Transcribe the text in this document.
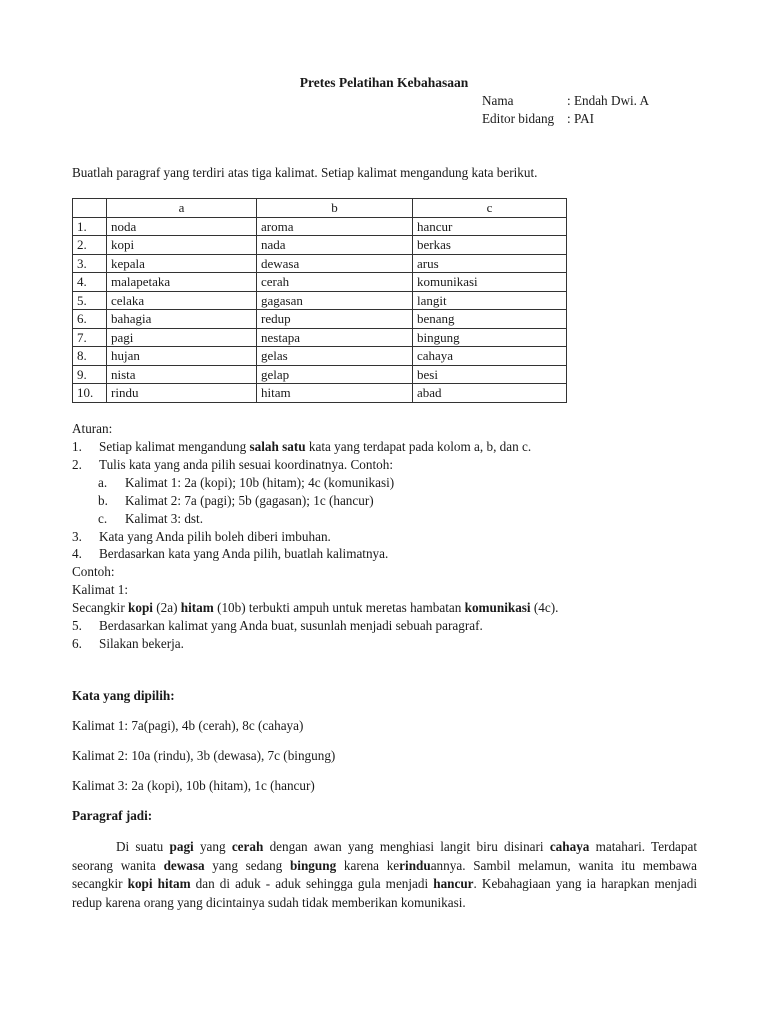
Pretes Pelatihan Kebahasaan
Nama	: Endah Dwi. A
Editor bidang : PAI
Buatlah paragraf yang terdiri atas tiga kalimat. Setiap kalimat mengandung kata berikut.
	a	b	c
1.	noda	aroma	hancur
2.	kopi	nada	berkas
3.	kepala	dewasa	arus
4.	malapetaka	cerah	komunikasi
5.	celaka	gagasan	langit
6.	bahagia	redup	benang
7.	pagi	nestapa	bingung
8.	hujan	gelas	cahaya
9.	nista	gelap	besi
10.	rindu	hitam	abad
Aturan:
1. Setiap kalimat mengandung salah satu kata yang terdapat pada kolom a, b, dan c.
2. Tulis kata yang anda pilih sesuai koordinatnya. Contoh:
a. Kalimat 1: 2a (kopi); 10b (hitam); 4c (komunikasi)
b. Kalimat 2: 7a (pagi); 5b (gagasan); 1c (hancur)
c. Kalimat 3: dst.
3. Kata yang Anda pilih boleh diberi imbuhan.
4. Berdasarkan kata yang Anda pilih, buatlah kalimatnya.
Contoh:
Kalimat 1:
Secangkir kopi (2a) hitam (10b) terbukti ampuh untuk meretas hambatan komunikasi (4c).
5. Berdasarkan kalimat yang Anda buat, susunlah menjadi sebuah paragraf.
6. Silakan bekerja.
Kata yang dipilih:
Kalimat 1: 7a(pagi), 4b (cerah), 8c (cahaya)
Kalimat 2: 10a (rindu), 3b (dewasa), 7c (bingung)
Kalimat 3: 2a (kopi), 10b (hitam), 1c (hancur)
Paragraf jadi:
Di suatu pagi yang cerah dengan awan yang menghiasi langit biru disinari cahaya matahari. Terdapat seorang wanita dewasa yang sedang bingung karena kerinduannya. Sambil melamun, wanita itu membawa secangkir kopi hitam dan di aduk - aduk sehingga gula menjadi hancur. Kebahagiaan yang ia harapkan menjadi redup karena orang yang dicintainya sudah tidak memberikan komunikasi.
